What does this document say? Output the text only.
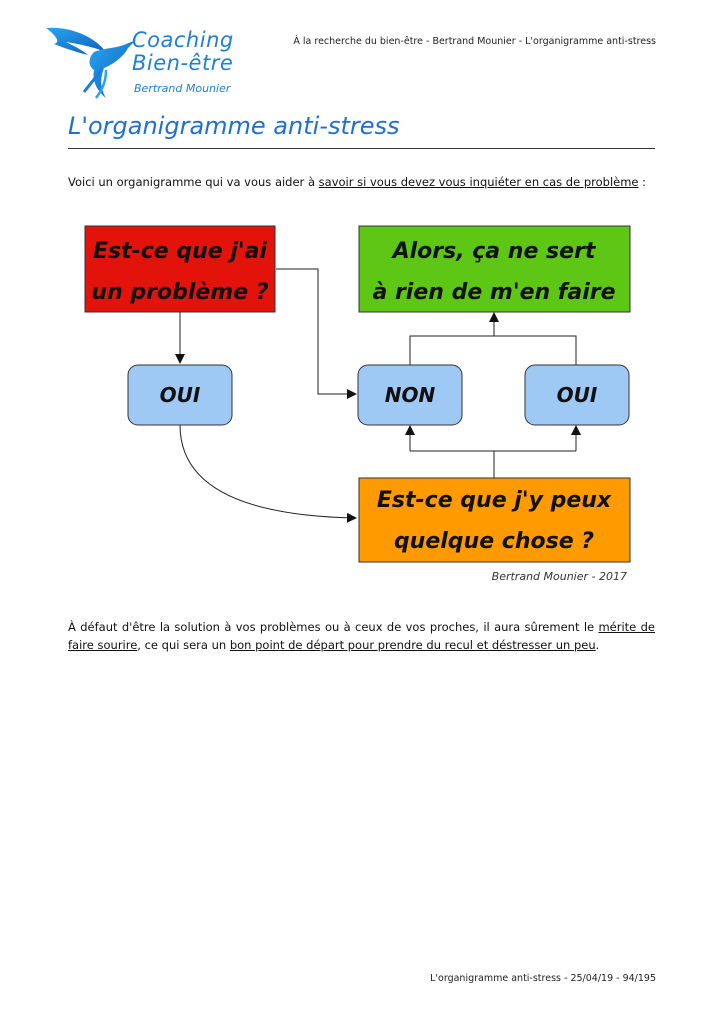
Coaching
Bien-être
Bertrand Mounier
À la recherche du bien-être - Bertrand Mounier - L'organigramme anti-stress
L'organigramme anti-stress
Voici un organigramme qui va vous aider à savoir si vous devez vous inquiéter en cas de problème :
Est-ce que j'ai
un problème ?
Alors, ça ne sert
à rien de m'en faire
OUI	NON	OUI
Est-ce que j'y peux
quelque chose ?
Bertrand Mounier - 2017
À défaut d'être la solution à vos problèmes ou à ceux de vos proches, il aura sûrement le mérite de faire sourire, ce qui sera un bon point de départ pour prendre du recul et déstresser un peu.
L'organigramme anti-stress - 25/04/19 - 94/195
